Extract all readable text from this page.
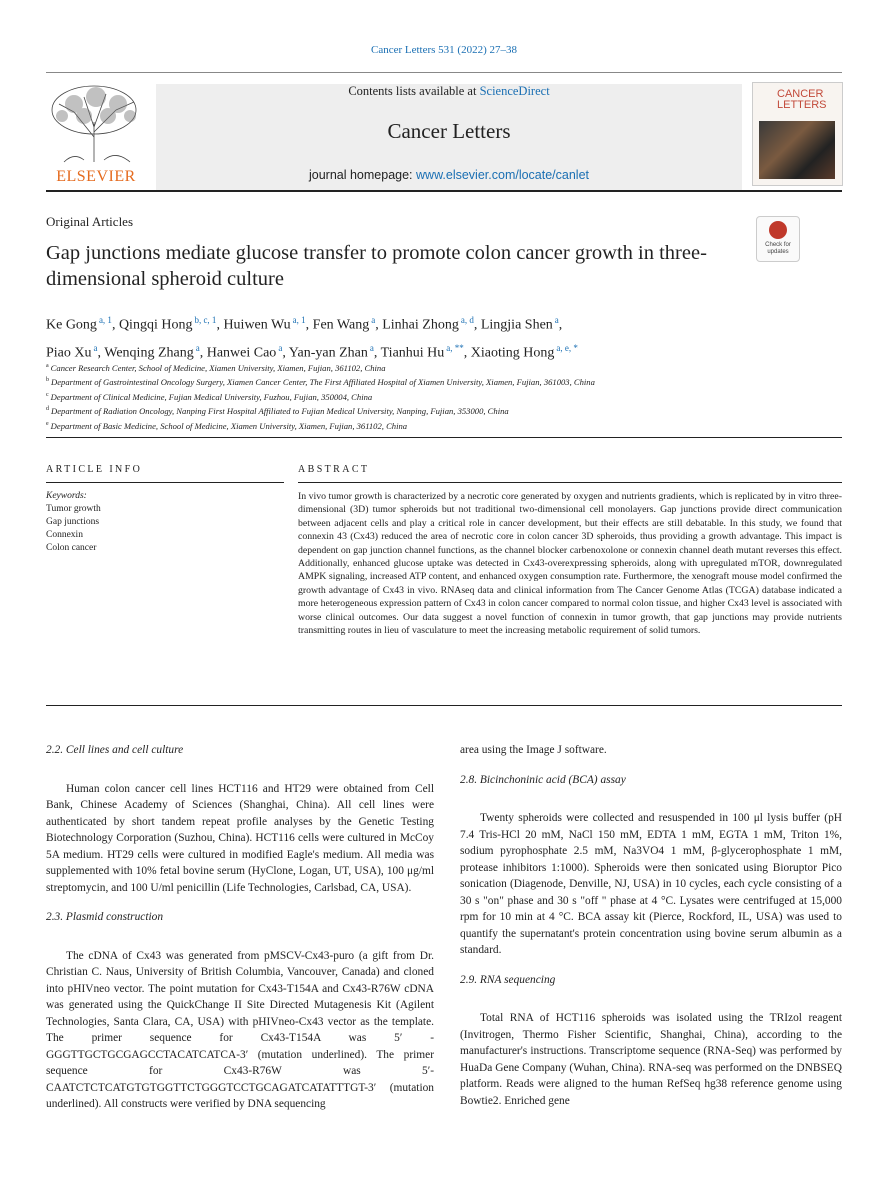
Cancer Letters 531 (2022) 27–38
ELSEVIER
Contents lists available at ScienceDirect
Cancer Letters
journal homepage: www.elsevier.com/locate/canlet
CANCER
LETTERS
Original Articles
Check for updates
Gap junctions mediate glucose transfer to promote colon cancer growth in three-dimensional spheroid culture
Ke Gong $^{a, 1}$, Qingqi Hong $^{b, c, 1}$, Huiwen Wu $^{a, 1}$, Fen Wang $^a$, Linhai Zhong $^{a, d}$, Lingjia Shen $^a$,
Piao Xu $^a$, Wenqing Zhang $^a$, Hanwei Cao $^a$, Yan-yan Zhan $^a$, Tianhui Hu $^{a, **}$, Xiaoting Hong $^{a, e, *}$
$^a$ Cancer Research Center, School of Medicine, Xiamen University, Xiamen, Fujian, 361102, China
$^b$ Department of Gastrointestinal Oncology Surgery, Xiamen Cancer Center, The First Affiliated Hospital of Xiamen University, Xiamen, Fujian, 361003, China
$^c$ Department of Clinical Medicine, Fujian Medical University, Fuzhou, Fujian, 350004, China
$^d$ Department of Radiation Oncology, Nanping First Hospital Affiliated to Fujian Medical University, Nanping, Fujian, 353000, China
$^e$ Department of Basic Medicine, School of Medicine, Xiamen University, Xiamen, Fujian, 361102, China
ARTICLE INFO	ABSTRACT
Keywords:
Tumor growth
Gap junctions
Connexin
Colon cancer
In vivo tumor growth is characterized by a necrotic core generated by oxygen and nutrients gradients, which is replicated by in vitro three-dimensional (3D) tumor spheroids but not traditional two-dimensional cell monolayers. Gap junctions provide direct communication between adjacent cells and play a critical role in cancer development, but their effects are still debatable. In this study, we found that connexin 43 (Cx43) reduced the area of necrotic core in colon cancer 3D spheroids, thus providing a growth advantage. This impact is dependent on gap junction channel functions, as the channel blocker carbenoxolone or connexin channel death mutant reverses this effect. Additionally, enhanced glucose uptake was detected in Cx43-overexpressing spheroids, along with upregulated mTOR, downregulated AMPK signaling, increased ATP content, and enhanced oxygen consumption rate. Furthermore, the xenograft mouse model confirmed the growth advantage of Cx43 in vivo. RNAseq data and clinical information from The Cancer Genome Atlas (TCGA) database indicated a more heterogeneous expression pattern of Cx43 in colon cancer compared to normal colon tissue, and higher Cx43 level is associated with worse clinical outcomes. Our data suggest a novel function of connexin in tumor growth, that gap junctions may provide nutrients transmitting routes in lieu of vasculature to meet the increasing metabolic requirement of solid tumors.

2.2. Cell lines and cell culture

Human colon cancer cell lines HCT116 and HT29 were obtained from Cell Bank, Chinese Academy of Sciences (Shanghai, China). All cell lines were authenticated by short tandem repeat profile analyses by the Genetic Testing Biotechnology Corporation (Suzhou, China). HCT116 cells were cultured in McCoy 5A medium. HT29 cells were cultured in modified Eagle's medium. All media was supplemented with 10% fetal bovine serum (HyClone, Logan, UT, USA), 100 μg/ml streptomycin, and 100 U/ml penicillin (Life Technologies, Carlsbad, CA, USA).

2.3. Plasmid construction

The cDNA of Cx43 was generated from pMSCV-Cx43-puro (a gift from Dr. Christian C. Naus, University of British Columbia, Vancouver, Canada) and cloned into pHIVneo vector. The point mutation for Cx43-T154A and Cx43-R76W cDNA was generated using the QuickChange II Site Directed Mutagenesis Kit (Agilent Technologies, Santa Clara, CA, USA) with pHIVneo-Cx43 vector as the template. The primer sequence for Cx43-T154A was 5′ -GGGTTGCTGCGAGCCTACATCATCA-3′ (mutation underlined). The primer sequence for Cx43-R76W was 5′-CAATCTCTCATGTGTGGTTCTGGGTCCTGCAGATCATATTTGT-3′ (mutation underlined). All constructs were verified by DNA sequencing

area using the Image J software.

2.8. Bicinchoninic acid (BCA) assay

Twenty spheroids were collected and resuspended in 100 μl lysis buffer (pH 7.4 Tris-HCl 20 mM, NaCl 150 mM, EDTA 1 mM, EGTA 1 mM, Triton 1%, sodium pyrophosphate 2.5 mM, Na3VO4 1 mM, β-glycerophosphate 1 mM, protease inhibitors 1:1000). Spheroids were then sonicated using Bioruptor Pico sonication (Diagenode, Denville, NJ, USA) in 10 cycles, each cycle consisting of a 30 s "on" phase and 30 s "off " phase at 4 °C. Lysates were centrifuged at 15,000 rpm for 10 min at 4 °C. BCA assay kit (Pierce, Rockford, IL, USA) was used to quantify the supernatant's protein concentration using bovine serum albumin as a standard.

2.9. RNA sequencing

Total RNA of HCT116 spheroids was isolated using the TRIzol reagent (Invitrogen, Thermo Fisher Scientific, Shanghai, China), according to the manufacturer's instructions. Transcriptome sequence (RNA-Seq) was performed by HuaDa Gene Company (Wuhan, China). RNA-seq was performed on the DNBSEQ platform. Reads were aligned to the human RefSeq hg38 reference genome using Bowtie2. Enriched gene
